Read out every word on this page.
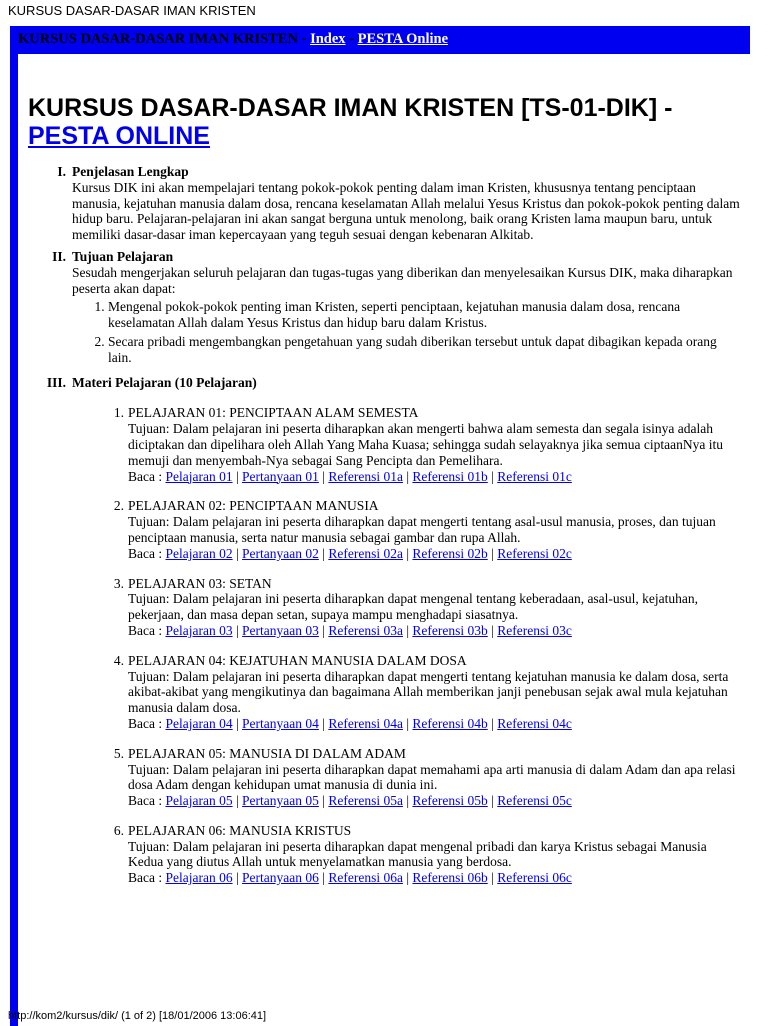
KURSUS DASAR-DASAR IMAN KRISTEN
KURSUS DASAR-DASAR IMAN KRISTEN - Index - PESTA Online
KURSUS DASAR-DASAR IMAN KRISTEN [TS-01-DIK] - PESTA ONLINE
I. Penjelasan Lengkap
Kursus DIK ini akan mempelajari tentang pokok-pokok penting dalam iman Kristen, khususnya tentang penciptaan manusia, kejatuhan manusia dalam dosa, rencana keselamatan Allah melalui Yesus Kristus dan pokok-pokok penting dalam hidup baru. Pelajaran-pelajaran ini akan sangat berguna untuk menolong, baik orang Kristen lama maupun baru, untuk memiliki dasar-dasar iman kepercayaan yang teguh sesuai dengan kebenaran Alkitab.
II. Tujuan Pelajaran
Sesudah mengerjakan seluruh pelajaran dan tugas-tugas yang diberikan dan menyelesaikan Kursus DIK, maka diharapkan peserta akan dapat:
1. Mengenal pokok-pokok penting iman Kristen, seperti penciptaan, kejatuhan manusia dalam dosa, rencana keselamatan Allah dalam Yesus Kristus dan hidup baru dalam Kristus.
2. Secara pribadi mengembangkan pengetahuan yang sudah diberikan tersebut untuk dapat dibagikan kepada orang lain.
III. Materi Pelajaran (10 Pelajaran)
1. PELAJARAN 01: PENCIPTAAN ALAM SEMESTA
Tujuan: Dalam pelajaran ini peserta diharapkan akan mengerti bahwa alam semesta dan segala isinya adalah diciptakan dan dipelihara oleh Allah Yang Maha Kuasa; sehingga sudah selayaknya jika semua ciptaanNya itu memuji dan menyembah-Nya sebagai Sang Pencipta dan Pemelihara.
Baca : Pelajaran 01 | Pertanyaan 01 | Referensi 01a | Referensi 01b | Referensi 01c
2. PELAJARAN 02: PENCIPTAAN MANUSIA
Tujuan: Dalam pelajaran ini peserta diharapkan dapat mengerti tentang asal-usul manusia, proses, dan tujuan penciptaan manusia, serta natur manusia sebagai gambar dan rupa Allah.
Baca : Pelajaran 02 | Pertanyaan 02 | Referensi 02a | Referensi 02b | Referensi 02c
3. PELAJARAN 03: SETAN
Tujuan: Dalam pelajaran ini peserta diharapkan dapat mengenal tentang keberadaan, asal-usul, kejatuhan, pekerjaan, dan masa depan setan, supaya mampu menghadapi siasatnya.
Baca : Pelajaran 03 | Pertanyaan 03 | Referensi 03a | Referensi 03b | Referensi 03c
4. PELAJARAN 04: KEJATUHAN MANUSIA DALAM DOSA
Tujuan: Dalam pelajaran ini peserta diharapkan dapat mengerti tentang kejatuhan manusia ke dalam dosa, serta akibat-akibat yang mengikutinya dan bagaimana Allah memberikan janji penebusan sejak awal mula kejatuhan manusia dalam dosa.
Baca : Pelajaran 04 | Pertanyaan 04 | Referensi 04a | Referensi 04b | Referensi 04c
5. PELAJARAN 05: MANUSIA DI DALAM ADAM
Tujuan: Dalam pelajaran ini peserta diharapkan dapat memahami apa arti manusia di dalam Adam dan apa relasi dosa Adam dengan kehidupan umat manusia di dunia ini.
Baca : Pelajaran 05 | Pertanyaan 05 | Referensi 05a | Referensi 05b | Referensi 05c
6. PELAJARAN 06: MANUSIA KRISTUS
Tujuan: Dalam pelajaran ini peserta diharapkan dapat mengenal pribadi dan karya Kristus sebagai Manusia Kedua yang diutus Allah untuk menyelamatkan manusia yang berdosa.
Baca : Pelajaran 06 | Pertanyaan 06 | Referensi 06a | Referensi 06b | Referensi 06c
http://kom2/kursus/dik/ (1 of 2) [18/01/2006 13:06:41]
